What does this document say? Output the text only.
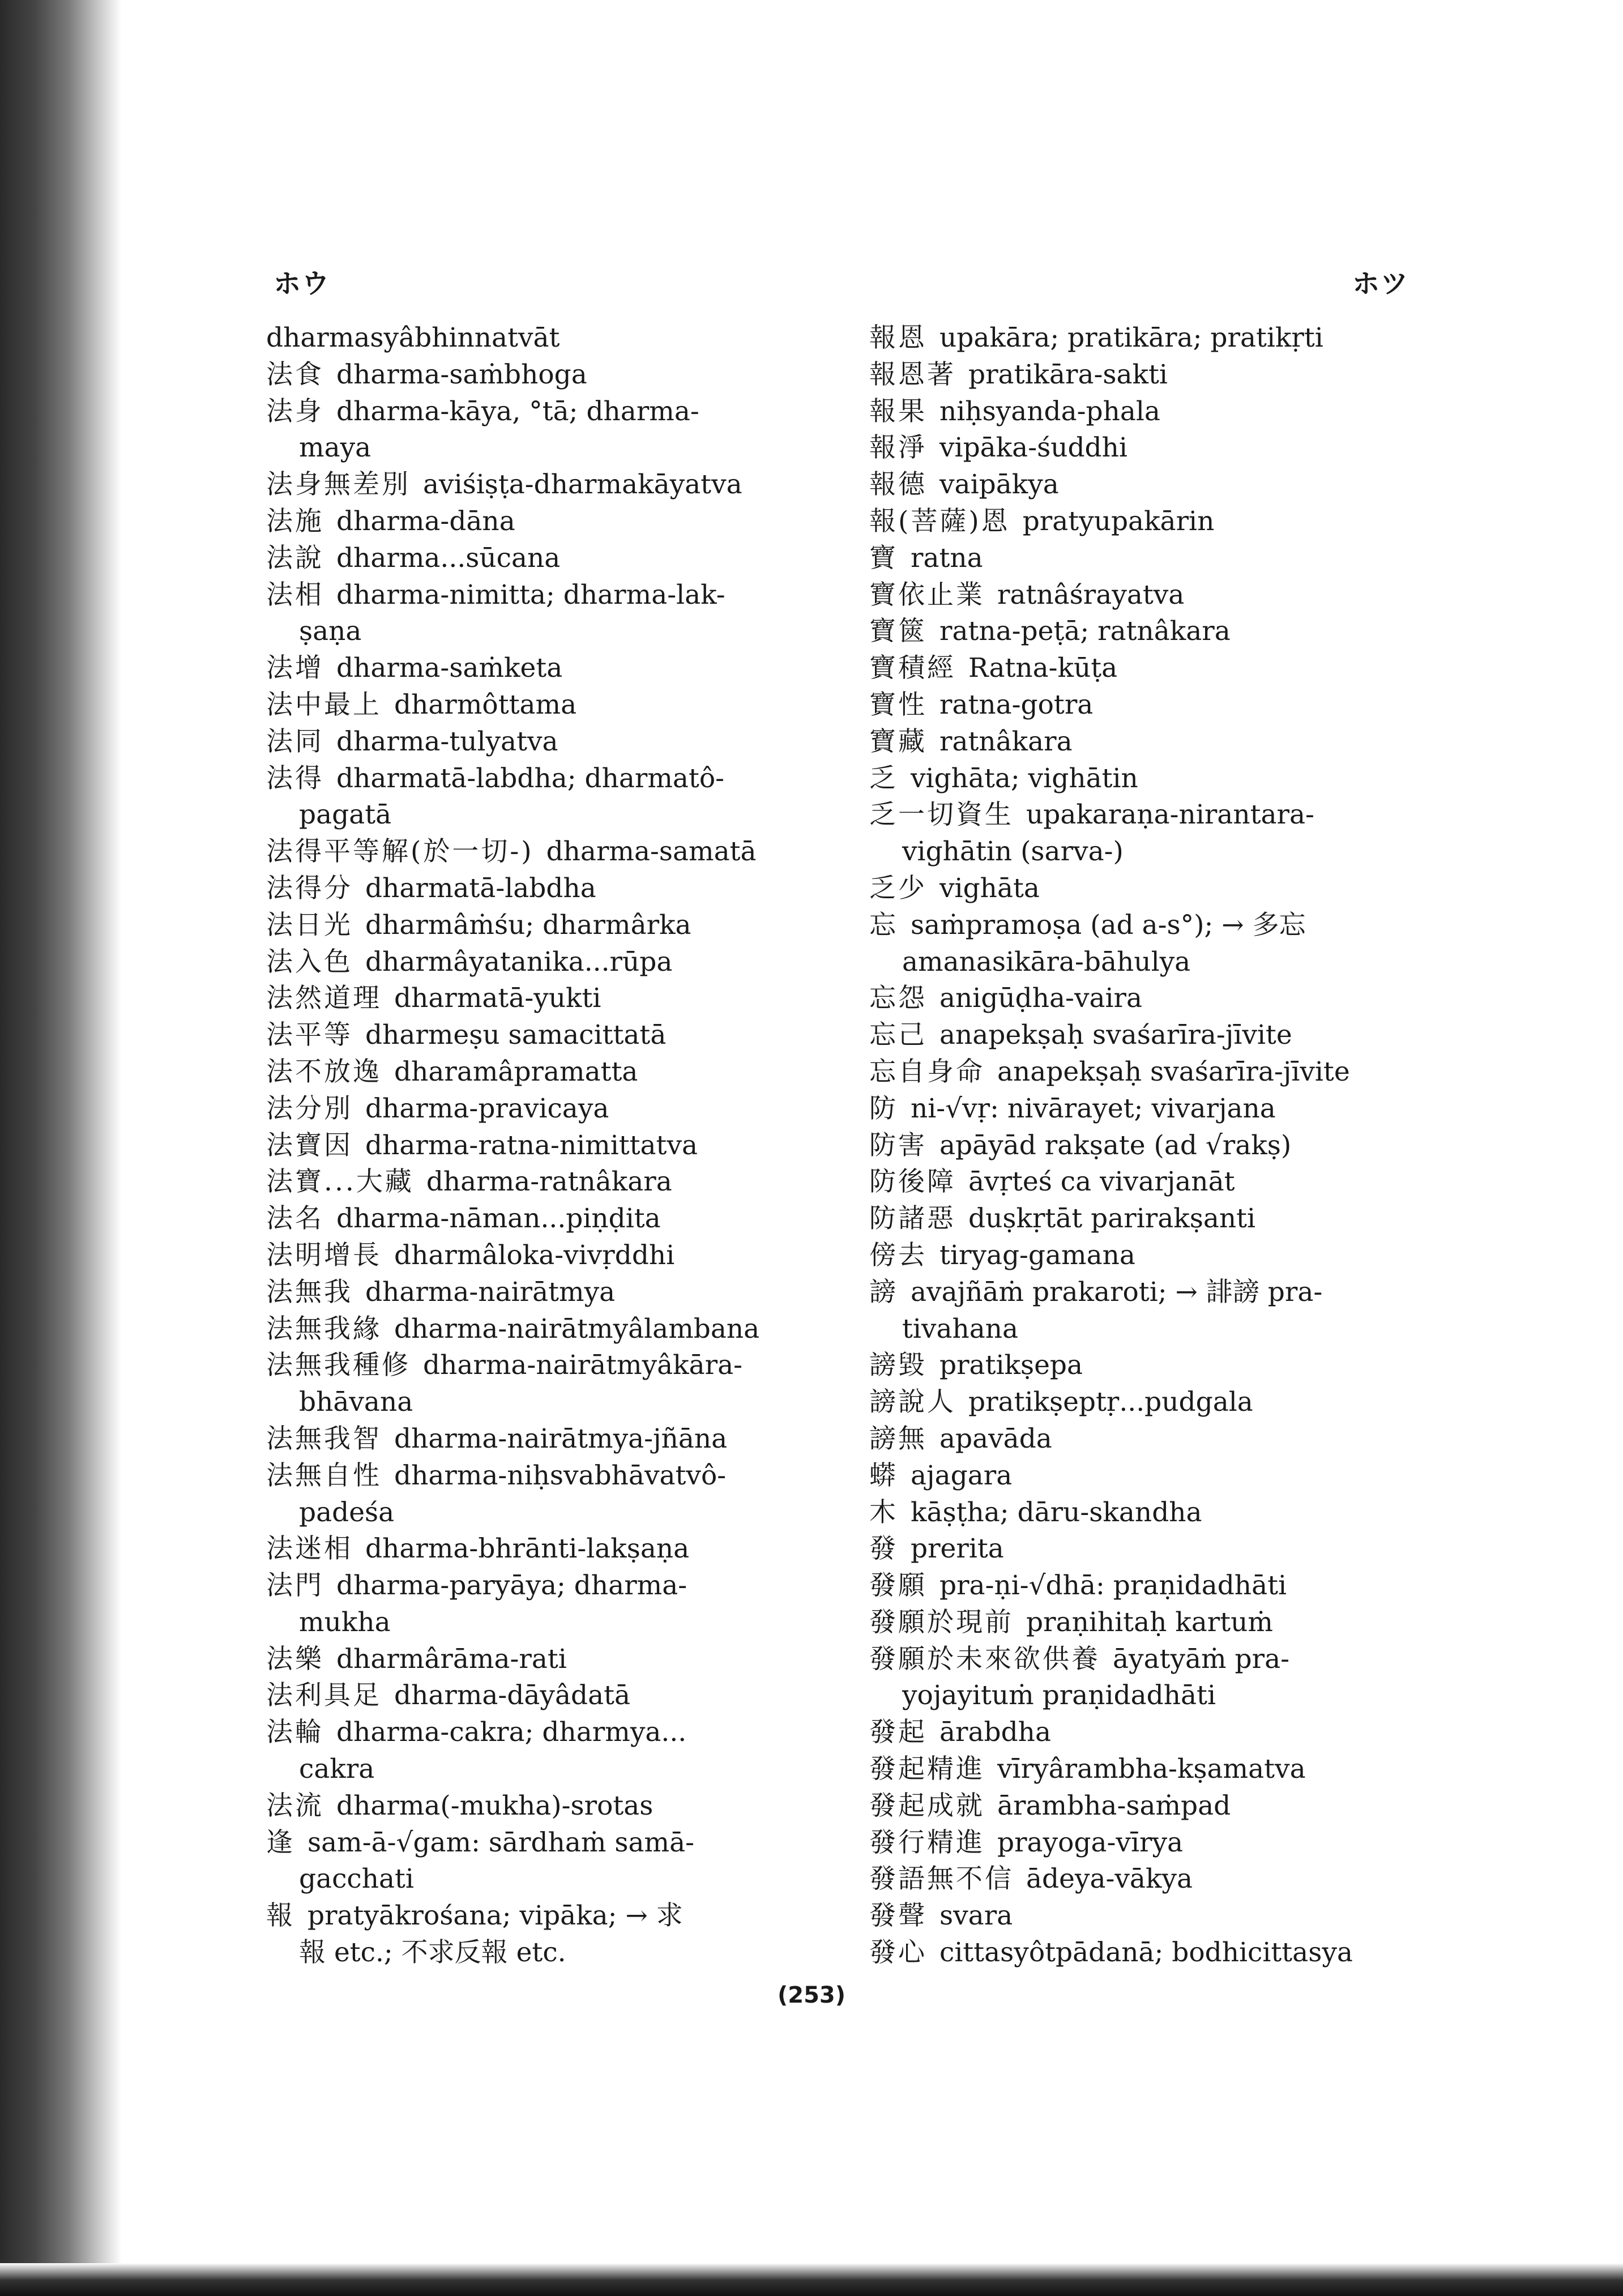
ホウ	ホツ

dharmasyâbhinnatvāt

法食 dharma-saṁbhoga

法身 dharma-kāya, °tā; dharma-
maya

法身無差別 aviśiṣṭa-dharmakāyatva

法施 dharma-dāna

法說 dharma...sūcana

法相 dharma-nimitta; dharma-lak-
ṣaṇa

法增 dharma-saṁketa

法中最上 dharmôttama

法同 dharma-tulyatva

法得 dharmatā-labdha; dharmatô-
pagatā

法得平等解(於一切-) dharma-samatā

法得分 dharmatā-labdha

法日光 dharmâṁśu; dharmârka

法入色 dharmâyatanika...rūpa

法然道理 dharmatā-yukti

法平等 dharmeṣu samacittatā

法不放逸 dharamâpramatta

法分別 dharma-pravicaya

法寶因 dharma-ratna-nimittatva

法寶...大藏 dharma-ratnâkara

法名 dharma-nāman...piṇḍita

法明增長 dharmâloka-vivṛddhi

法無我 dharma-nairātmya

法無我緣 dharma-nairātmyâlambana

法無我種修 dharma-nairātmyâkāra-
bhāvana

法無我智 dharma-nairātmya-jñāna

法無自性 dharma-niḥsvabhāvatvô-
padeśa

法迷相 dharma-bhrānti-lakṣaṇa

法門 dharma-paryāya; dharma-
mukha

法樂 dharmârāma-rati

法利具足 dharma-dāyâdatā

法輪 dharma-cakra; dharmya...
cakra

法流 dharma(-mukha)-srotas

逢 sam-ā-√gam: sārdhaṁ samā-
gacchati

報 pratyākrośana; vipāka; → 求
報 etc.; 不求反報 etc.

報恩 upakāra; pratikāra; pratikṛti

報恩著 pratikāra-sakti

報果 niḥsyanda-phala

報淨 vipāka-śuddhi

報德 vaipākya

報(菩薩)恩 pratyupakārin

寶 ratna

寶依止業 ratnâśrayatva

寶篋 ratna-peṭā; ratnâkara

寶積經 Ratna-kūṭa

寶性 ratna-gotra

寶藏 ratnâkara

乏 vighāta; vighātin

乏一切資生 upakaraṇa-nirantara-
vighātin (sarva-)

乏少 vighāta

忘 saṁpramoṣa (ad a-s°); → 多忘
amanasikāra-bāhulya

忘怨 anigūḍha-vaira

忘己 anapekṣaḥ svaśarīra-jīvite

忘自身命 anapekṣaḥ svaśarīra-jīvite

防 ni-√vṛ: nivārayet; vivarjana

防害 apāyād rakṣate (ad √rakṣ)

防後障 āvṛteś ca vivarjanāt

防諸惡 duṣkṛtāt parirakṣanti

傍去 tiryag-gamana

謗 avajñāṁ prakaroti; → 誹謗 pra-
tivahana

謗毀 pratikṣepa

謗說人 pratikṣeptṛ...pudgala

謗無 apavāda

蟒 ajagara

木 kāṣṭha; dāru-skandha

發 prerita

發願 pra-ṇi-√dhā: praṇidadhāti

發願於現前 praṇihitaḥ kartuṁ

發願於未來欲供養 āyatyāṁ pra-
yojayituṁ praṇidadhāti

發起 ārabdha

發起精進 vīryârambha-kṣamatva

發起成就 ārambha-saṁpad

發行精進 prayoga-vīrya

發語無不信 ādeya-vākya

發聲 svara

發心 cittasyôtpādanā; bodhicittasya

(253)
